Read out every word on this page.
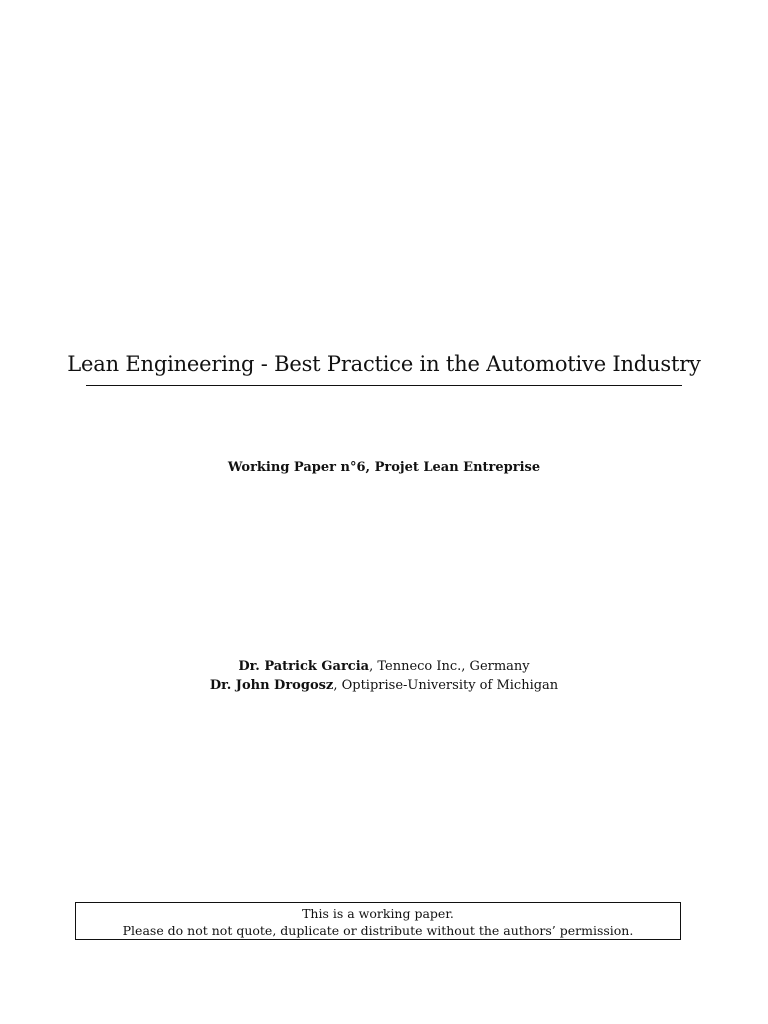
Lean Engineering - Best Practice in the Automotive Industry
Working Paper n°6, Projet Lean Entreprise
Dr. Patrick Garcia, Tenneco Inc., Germany
Dr. John Drogosz, Optiprise-University of Michigan
This is a working paper.
Please do not not quote, duplicate or distribute without the authors’ permission.
